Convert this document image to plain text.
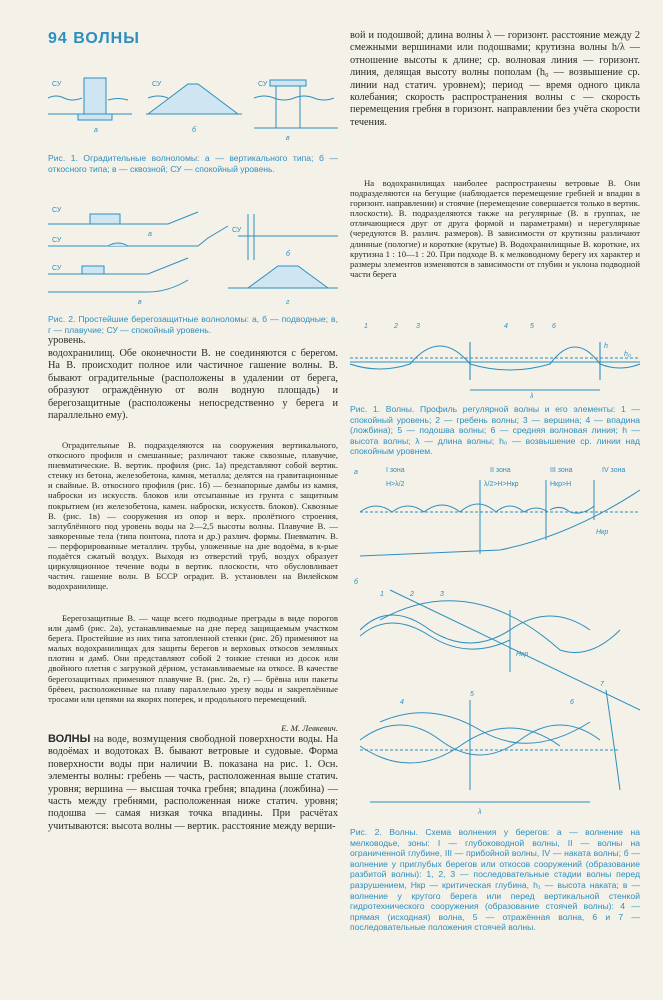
94 ВОЛНЫ
СУ	СУ	СУ
а	б
в
Рис. 1. Оградительные волноломы: а — вертикального типа; б — откосного типа; в — сквозной; СУ — спокойный уровень.
СУ
СУ
СУ
СУ
а
б
в	г
Рис. 2. Простейшие берегозащитные волноломы: а, б — подводные; в, г — плавучие; СУ — спокойный уровень.
уровень.
водохранилищ. Обе оконечности В. не соединяются с берегом. На В. происходит полное или частичное гашение волны. В. бывают оградительные (расположены в удалении от берега, образуют ограждённую от волн водную площадь) и берегозащитные (расположены непосредственно у берега и параллельно ему).
Оградительные В. подразделяются на сооружения вертикального, откосного профиля и смешанные; различают также сквозные, плавучие, пневматические. В. вертик. профиля (рис. 1а) представляют собой вертик. стенку из бетона, железобетона, камня, металла; делятся на гравитационные и свайные. В. откосного профиля (рис. 1б) — безнапорные дамбы из камня, наброски из искусств. блоков или отсыпанные из грунта с защитным покрытием (из железобетона, камен. наброски, искусств. блоков). Сквозные В. (рис. 1в) — сооружения из опор и верх. пролётного строения, заглублённого под уровень воды на 2—2,5 высоты волны. Плавучие В. — заякоренные тела (типа понтона, плота и др.) различ. формы. Пневматич. В. — перфорированные металлич. трубы, уложенные на дне водоёма, в к-рые подаётся сжатый воздух. Выходя из отверстий труб, воздух образует циркуляционное течение воды в вертик. плоскости, что обусловливает частич. гашение волн. В БССР оградит. В. установлен на Вилейском водохранилище.
Берегозащитные В. — чаще всего подводные преграды в виде порогов или дамб (рис. 2а), устанавливаемые на дне перед защищаемым участком берега. Простейшие из них типа затопленной стенки (рис. 2б) применяют на малых водохранилищах для защиты берегов и верховых откосов земляных плотин и дамб. Они представляют собой 2 тонкие стенки из досок или двойного плетня с загрузкой дёрном, устанавливаемые на откосе. В качестве берегозащитных применяют плавучие В. (рис. 2в, г) — брёвна или пакеты брёвен, расположенные на плаву параллельно урезу воды и закреплённые тросами или цепями на якорях поперек, и продольного перемещений.
Е. М. Левкевич.
ВОЛНЫ на воде, возмущения свободной поверхности воды. На водоёмах и водотоках В. бывают ветровые и судовые. Форма поверхности воды при наличии В. показана на рис. 1. Осн. элементы волны: гребень — часть, расположенная выше статич. уровня; вершина — высшая точка гребня; впадина (ложбина) — часть между гребнями, расположенная ниже статич. уровня; подошва — самая низкая точка впадины. При расчётах учитываются: высота волны — вертик. расстояние между верши-
вой и подошвой; длина волны λ — горизонт. расстояние между 2 смежными вершинами или подошвами; крутизна волны h/λ — отношение высоты к длине; ср. волновая линия — горизонт. линия, делящая высоту волны пополам (h₀ — возвышение ср. линии над статич. уровнем); период — время одного цикла колебания; скорость распространения волны c — скорость перемещения гребня в горизонт. направлении без учёта скорости течения.
На водохранилищах наиболее распространены ветровые В. Они подразделяются на бегущие (наблюдается перемещение гребней и впадин в горизонт. направлении) и стоячие (перемещение совершается только в вертик. плоскости). В. подразделяются также на регулярные (В. в группах, не отличающиеся друг от друга формой и параметрами) и нерегулярные (чередуются В. различ. размеров). В зависимости от крутизны различают длинные (пологие) и короткие (крутые) В. Водохранилищные В. короткие, их крутизна 1 : 10—1 : 20. При подходе В. к мелководному берегу их характер и размеры элементов изменяются в зависимости от глубин и уклона подводной части берега
1	2	3	4	5	6
h
h₀
λ
Рис. 1. Волны. Профиль регулярной волны и его элементы: 1 — спокойный уровень; 2 — гребень волны; 3 — вершина; 4 — впадина (ложбина); 5 — подошва волны; 6 — средняя волновая линия; h — высота волны; λ — длина волны; h₀ — возвышение ср. линии над спокойным уровнем.
I зона	II зона	III зона	IV зона
H>λ/2	λ/2>H>Hкр	Hкр>H
а
б
1	2	3
4
5
6
7
Hкр
Hкр
λ
Рис. 2. Волны. Схема волнения у берегов: а — волнение на мелководье, зоны: I — глубоководной волны, II — волны на ограниченной глубине, III — прибойной волны, IV — наката волны; б — волнение у приглубых берегов или откосов сооружений (образование разбитой волны): 1, 2, 3 — последовательные стадии волны перед разрушением, Hкр — критическая глубина, h₁ — высота наката; в — волнение у крутого берега или перед вертикальной стенкой гидротехнического сооружения (образование стоячей волны): 4 — прямая (исходная) волна, 5 — отражённая волна, 6 и 7 — последовательные положения стоячей волны.
